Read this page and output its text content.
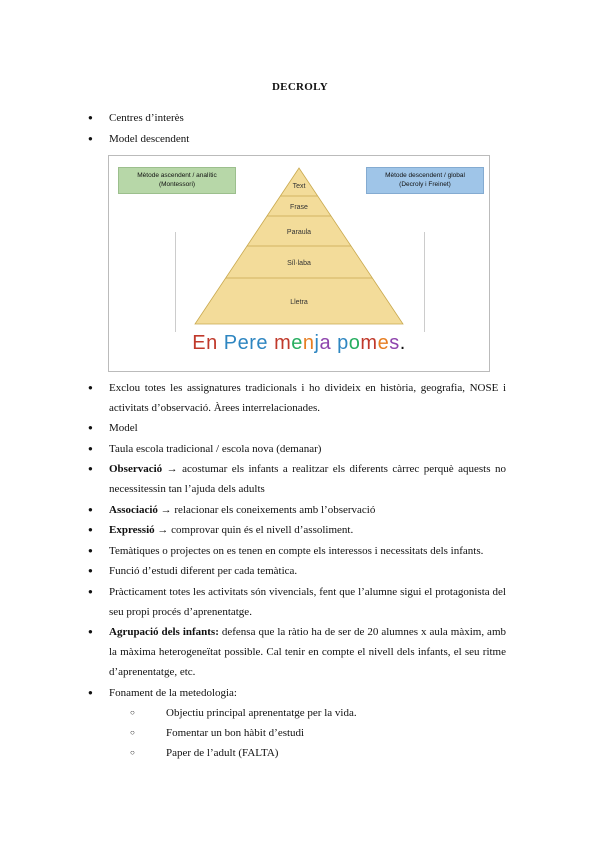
DECROLY
● Centres d’interès
● Model descendent
Mètode ascendent / analític
(Montessori)
Mètode descendent / global
(Decroly i Freinet)
Text
Frase
Paraula
Síl·laba
Lletra
En Pere menja pomes.
● Exclou totes les assignatures tradicionals i ho divideix en història, geografia, NOSE i activitats d’observació. Àrees interrelacionades.
● Model
● Taula escola tradicional / escola nova (demanar)
● Observació → acostumar els infants a realitzar els diferents càrrec perquè aquests no necessitessin tan l’ajuda dels adults
● Associació → relacionar els coneixements amb l’observació
● Expressió → comprovar quin és el nivell d’assoliment.
● Temàtiques o projectes on es tenen en compte els interessos i necessitats dels infants.
● Funció d’estudi diferent per cada temàtica.
● Pràcticament totes les activitats són vivencials, fent que l’alumne sigui el protagonista del seu propi procés d’aprenentatge.
● Agrupació dels infants: defensa que la ràtio ha de ser de 20 alumnes x aula màxim, amb la màxima heterogeneïtat possible. Cal tenir en compte el nivell dels infants, el seu ritme d’aprenentatge, etc.
● Fonament de la metedologia:
○ Objectiu principal aprenentatge per la vida.
○ Fomentar un bon hàbit d’estudi
○ Paper de l’adult (FALTA)
